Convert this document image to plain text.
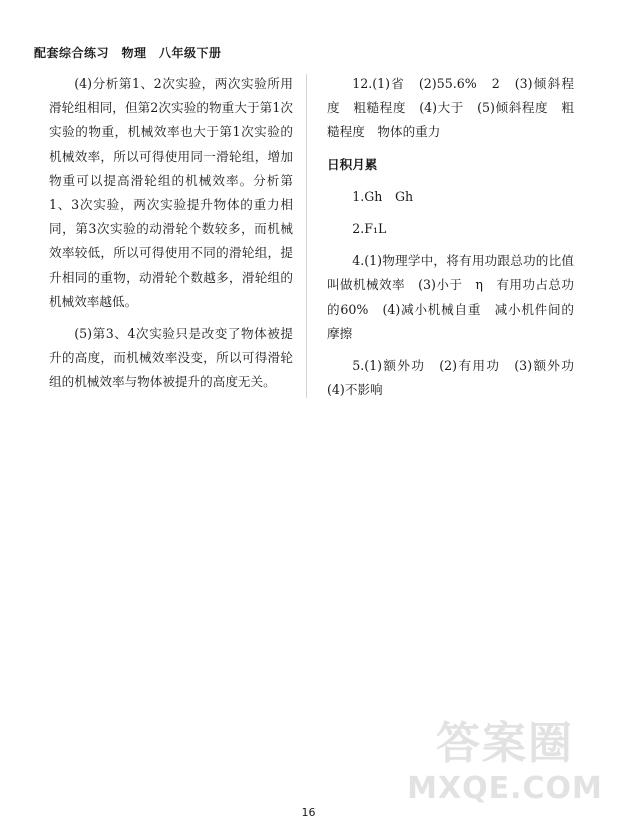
配套综合练习　物理　八年级下册

(4)分析第1、2次实验，两次实验所用滑轮组相同，但第2次实验的物重大于第1次实验的物重，机械效率也大于第1次实验的机械效率，所以可得使用同一滑轮组，增加物重可以提高滑轮组的机械效率。分析第1、3次实验，两次实验提升物体的重力相同，第3次实验的动滑轮个数较多，而机械效率较低，所以可得使用不同的滑轮组，提升相同的重物，动滑轮个数越多，滑轮组的机械效率越低。

(5)第3、4次实验只是改变了物体被提升的高度，而机械效率没变，所以可得滑轮组的机械效率与物体被提升的高度无关。

12.(1)省　(2)55.6%　2　(3)倾斜程度　粗糙程度　(4)大于　(5)倾斜程度　粗糙程度　物体的重力

日积月累

1.Gh　Gh

2.F₁L

4.(1)物理学中，将有用功跟总功的比值叫做机械效率　(3)小于　η　有用功占总功的60%　(4)减小机械自重　减小机件间的摩擦

5.(1)额外功　(2)有用功　(3)额外功　(4)不影响

16
答案圈
MXQE.COM
